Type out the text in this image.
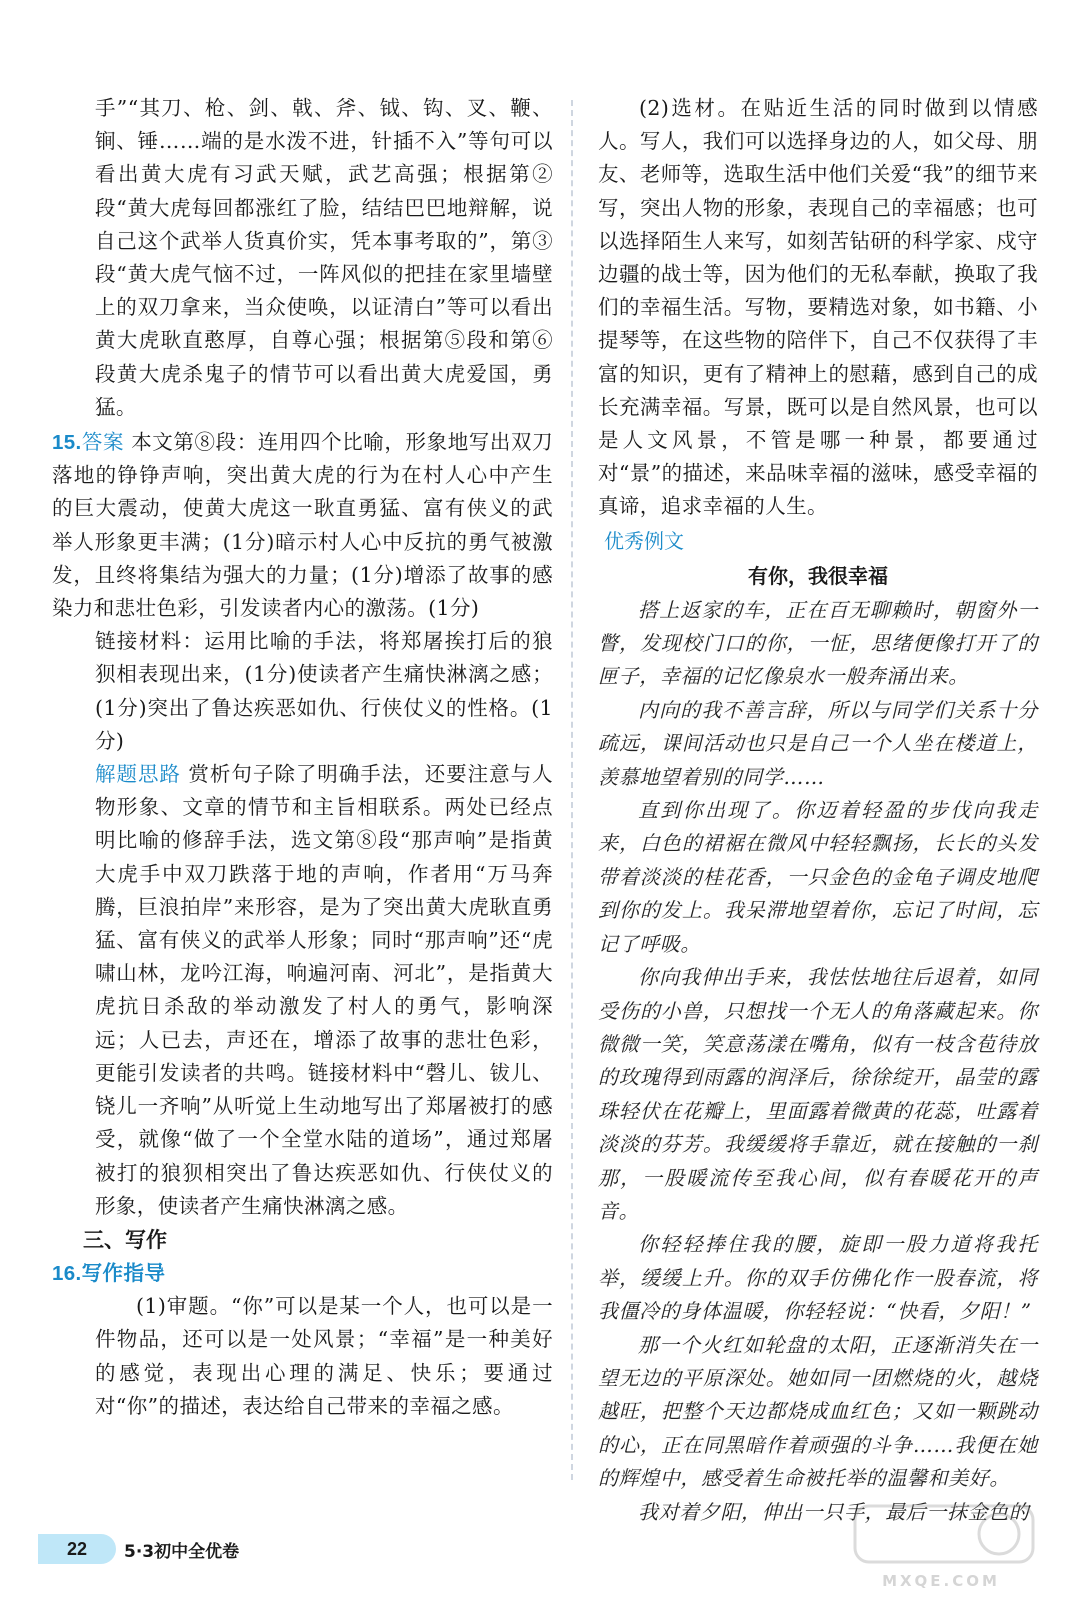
手”“其刀、枪、剑、戟、斧、钺、钩、叉、鞭、锏、锤……端的是水泼不进，针插不入”等句可以看出黄大虎有习武天赋，武艺高强；根据第②段“黄大虎每回都涨红了脸，结结巴巴地辩解，说自己这个武举人货真价实，凭本事考取的”，第③段“黄大虎气恼不过，一阵风似的把挂在家里墙壁上的双刀拿来，当众使唤，以证清白”等可以看出黄大虎耿直憨厚，自尊心强；根据第⑤段和第⑥段黄大虎杀鬼子的情节可以看出黄大虎爱国，勇猛。

15.答案 本文第⑧段：连用四个比喻，形象地写出双刀落地的铮铮声响，突出黄大虎的行为在村人心中产生的巨大震动，使黄大虎这一耿直勇猛、富有侠义的武举人形象更丰满；(1分)暗示村人心中反抗的勇气被激发，且终将集结为强大的力量；(1分)增添了故事的感染力和悲壮色彩，引发读者内心的激荡。(1分)

链接材料：运用比喻的手法，将郑屠挨打后的狼狈相表现出来，(1分)使读者产生痛快淋漓之感；(1分)突出了鲁达疾恶如仇、行侠仗义的性格。(1分)

解题思路 赏析句子除了明确手法，还要注意与人物形象、文章的情节和主旨相联系。两处已经点明比喻的修辞手法，选文第⑧段“那声响”是指黄大虎手中双刀跌落于地的声响，作者用“万马奔腾，巨浪拍岸”来形容，是为了突出黄大虎耿直勇猛、富有侠义的武举人形象；同时“那声响”还“虎啸山林，龙吟江海，响遍河南、河北”，是指黄大虎抗日杀敌的举动激发了村人的勇气，影响深远；人已去，声还在，增添了故事的悲壮色彩，更能引发读者的共鸣。链接材料中“磬儿、钹儿、铙儿一齐响”从听觉上生动地写出了郑屠被打的感受，就像“做了一个全堂水陆的道场”，通过郑屠被打的狼狈相突出了鲁达疾恶如仇、行侠仗义的形象，使读者产生痛快淋漓之感。

三、写作

16.写作指导

(1)审题。“你”可以是某一个人，也可以是一件物品，还可以是一处风景；“幸福”是一种美好的感觉，表现出心理的满足、快乐；要通过对“你”的描述，表达给自己带来的幸福之感。

(2)选材。在贴近生活的同时做到以情感人。写人，我们可以选择身边的人，如父母、朋友、老师等，选取生活中他们关爱“我”的细节来写，突出人物的形象，表现自己的幸福感；也可以选择陌生人来写，如刻苦钻研的科学家、戍守边疆的战士等，因为他们的无私奉献，换取了我们的幸福生活。写物，要精选对象，如书籍、小提琴等，在这些物的陪伴下，自己不仅获得了丰富的知识，更有了精神上的慰藉，感到自己的成长充满幸福。写景，既可以是自然风景，也可以是人文风景，不管是哪一种景，都要通过对“景”的描述，来品味幸福的滋味，感受幸福的真谛，追求幸福的人生。

优秀例文

有你，我很幸福

搭上返家的车，正在百无聊赖时，朝窗外一瞥，发现校门口的你，一怔，思绪便像打开了的匣子，幸福的记忆像泉水一般奔涌出来。

内向的我不善言辞，所以与同学们关系十分疏远，课间活动也只是自己一个人坐在楼道上，羡慕地望着别的同学……

直到你出现了。你迈着轻盈的步伐向我走来，白色的裙裾在微风中轻轻飘扬，长长的头发带着淡淡的桂花香，一只金色的金龟子调皮地爬到你的发上。我呆滞地望着你，忘记了时间，忘记了呼吸。

你向我伸出手来，我怯怯地往后退着，如同受伤的小兽，只想找一个无人的角落藏起来。你微微一笑，笑意荡漾在嘴角，似有一枝含苞待放的玫瑰得到雨露的润泽后，徐徐绽开，晶莹的露珠轻伏在花瓣上，里面露着微黄的花蕊，吐露着淡淡的芬芳。我缓缓将手靠近，就在接触的一刹那，一股暖流传至我心间，似有春暖花开的声音。

你轻轻捧住我的腰，旋即一股力道将我托举，缓缓上升。你的双手仿佛化作一股春流，将我僵冷的身体温暖，你轻轻说：“快看，夕阳！”

那一个火红如轮盘的太阳，正逐渐消失在一望无边的平原深处。她如同一团燃烧的火，越烧越旺，把整个天边都烧成血红色；又如一颗跳动的心，正在同黑暗作着顽强的斗争……我便在她的辉煌中，感受着生命被托举的温馨和美好。

我对着夕阳，伸出一只手，最后一抹金色的

22	5·3初中全优卷
MXQE.COM
